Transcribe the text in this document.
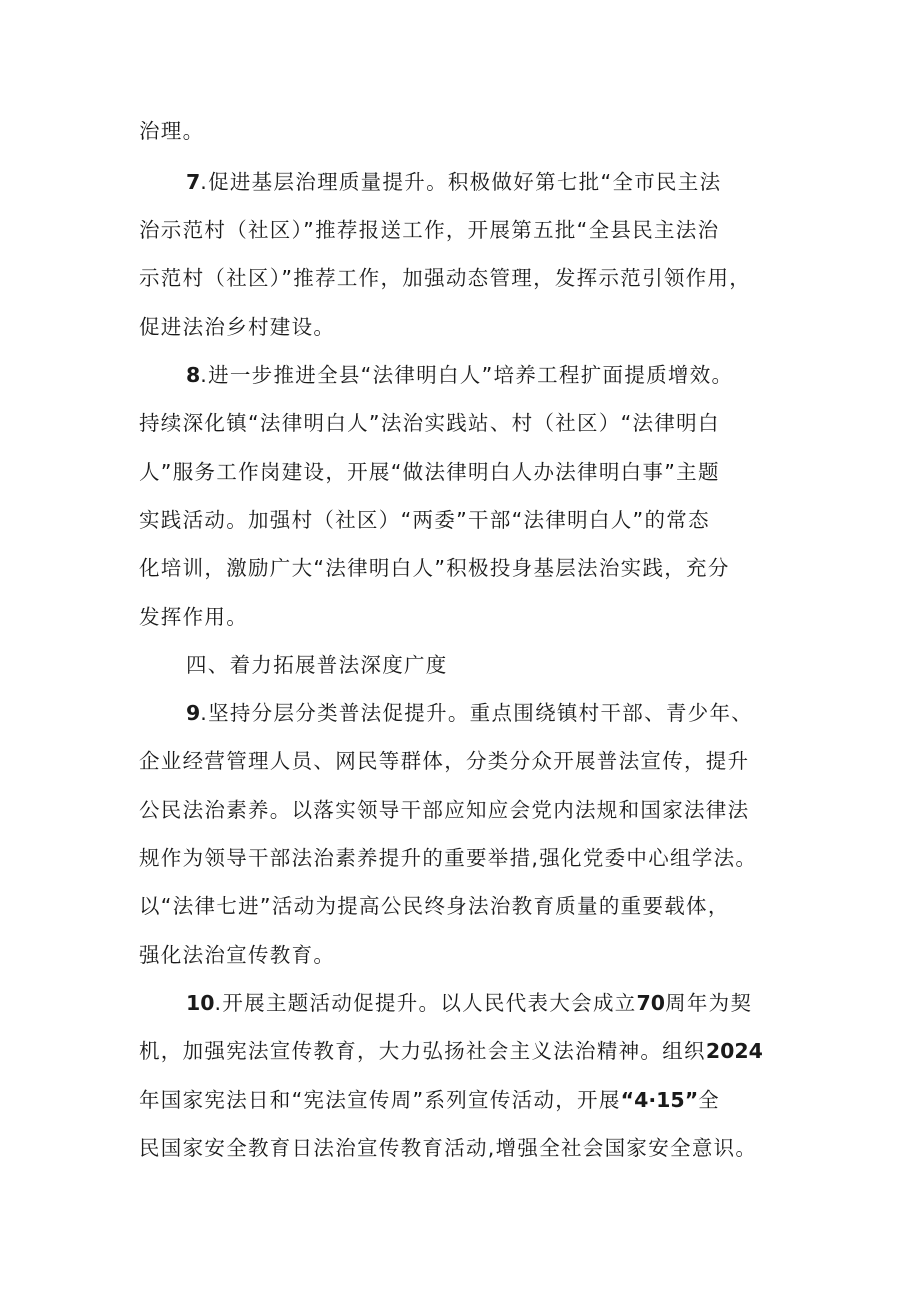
治理。
7.促进基层治理质量提升。积极做好第七批“全市民主法
治示范村（社区）”推荐报送工作，开展第五批“全县民主法治
示范村（社区）”推荐工作，加强动态管理，发挥示范引领作用，
促进法治乡村建设。
8.进一步推进全县“法律明白人”培养工程扩面提质增效。
持续深化镇“法律明白人”法治实践站、村（社区）“法律明白
人”服务工作岗建设，开展“做法律明白人办法律明白事”主题
实践活动。加强村（社区）“两委”干部“法律明白人”的常态
化培训，激励广大“法律明白人”积极投身基层法治实践，充分
发挥作用。
四、着力拓展普法深度广度
9.坚持分层分类普法促提升。重点围绕镇村干部、青少年、
企业经营管理人员、网民等群体，分类分众开展普法宣传，提升
公民法治素养。以落实领导干部应知应会党内法规和国家法律法
规作为领导干部法治素养提升的重要举措,强化党委中心组学法。
以“法律七进”活动为提高公民终身法治教育质量的重要载体，
强化法治宣传教育。
10.开展主题活动促提升。以人民代表大会成立70周年为契
机，加强宪法宣传教育，大力弘扬社会主义法治精神。组织2024
年国家宪法日和“宪法宣传周”系列宣传活动，开展“4·15”全
民国家安全教育日法治宣传教育活动,增强全社会国家安全意识。
